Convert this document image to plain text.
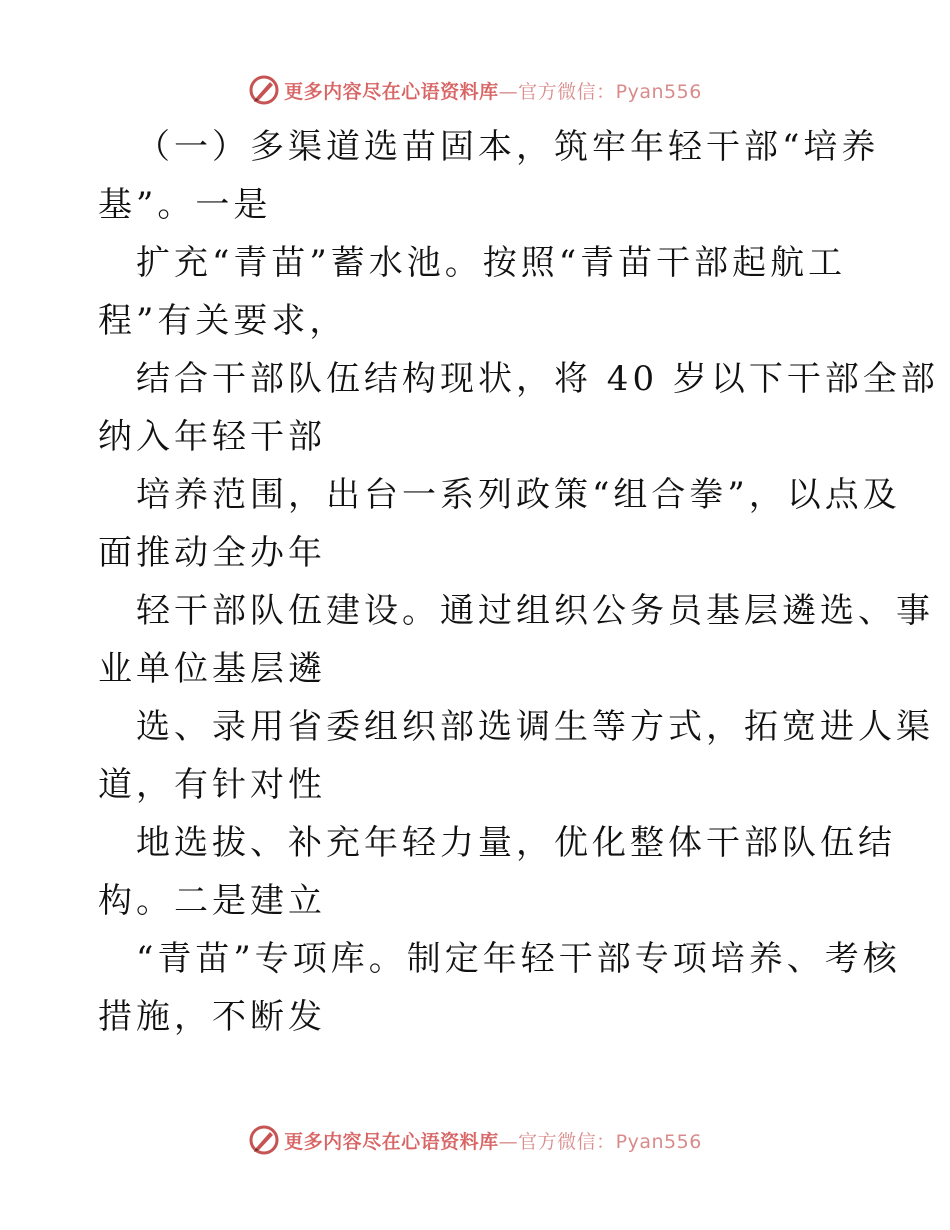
更多内容尽在心语资料库—官方微信：Pyan556
（一）多渠道选苗固本，筑牢年轻干部“培养
基”。一是
扩充“青苗”蓄水池。按照“青苗干部起航工
程”有关要求，
结合干部队伍结构现状，将 40 岁以下干部全部
纳入年轻干部
培养范围，出台一系列政策“组合拳”，以点及
面推动全办年
轻干部队伍建设。通过组织公务员基层遴选、事
业单位基层遴
选、录用省委组织部选调生等方式，拓宽进人渠
道，有针对性
地选拔、补充年轻力量，优化整体干部队伍结
构。二是建立
“青苗”专项库。制定年轻干部专项培养、考核
措施，不断发
更多内容尽在心语资料库—官方微信：Pyan556
